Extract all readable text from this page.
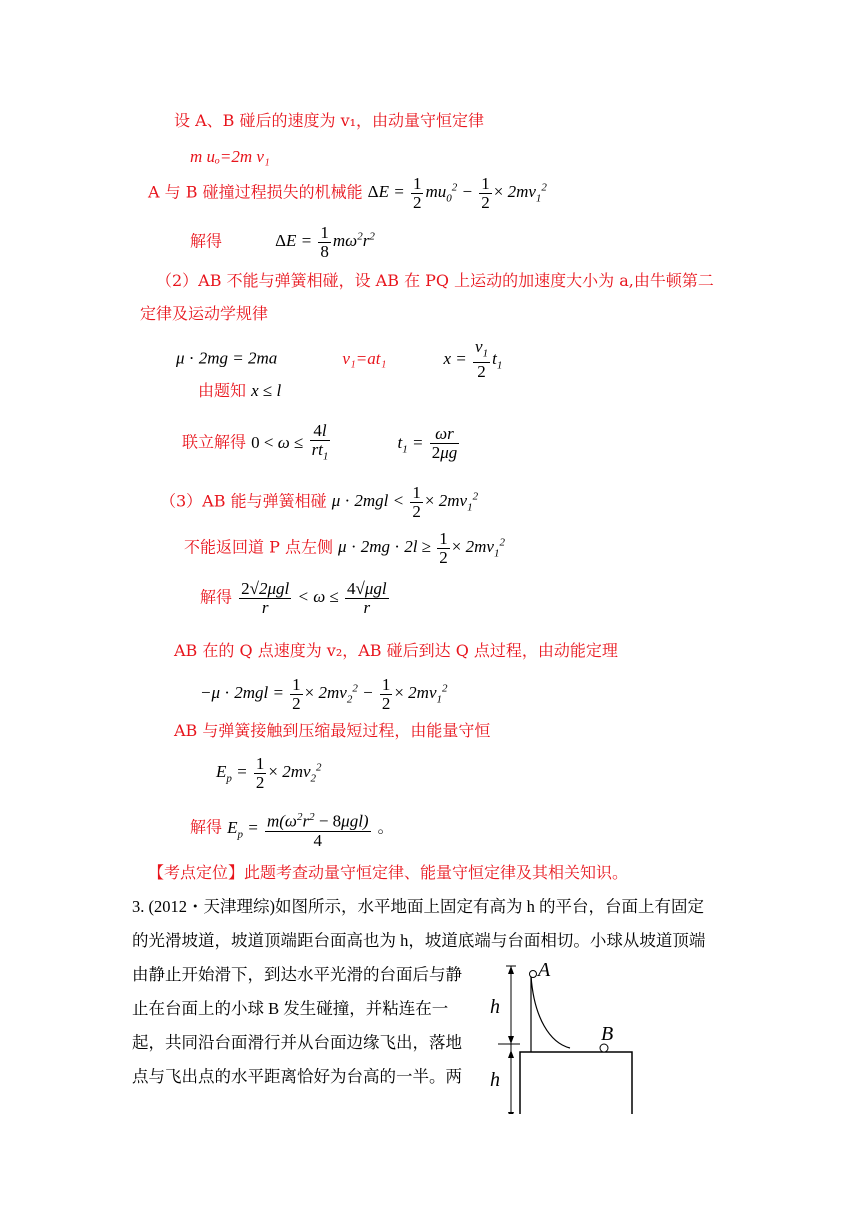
设 A、B 碰后的速度为 v₁，由动量守恒定律
m uₒ=2m v₁
A 与 B 碰撞过程损失的机械能 $\Delta E = \frac{1}{2} mu_0^2 - \frac{1}{2} \times 2mv_1^2$
解得	$\Delta E = \frac{1}{8} m\omega^2r^2$
（2）AB 不能与弹簧相碰，设 AB 在 PQ 上运动的加速度大小为 a,由牛顿第二
定律及运动学规律
μ · 2mg = 2ma	v₁=at₁	$x = \frac{v_1}{2} t_1$
由题知 x ≤ l
联立解得 $0 < \omega \le \frac{4l}{rt_1}$	$t_1 = \frac{\omega r}{2\mu g}$
（3）AB 能与弹簧相碰 $\mu \cdot 2mgl < \frac{1}{2} \times 2mv_1^2$
不能返回道 P 点左侧 $\mu \cdot 2mg \cdot 2l \ge \frac{1}{2} \times 2mv_1^2$
解得 $\frac{\text{2√2μgl}}{r} < \omega \le \frac{\text{4√μgl}}{r}$
AB 在的 Q 点速度为 v₂，AB 碰后到达 Q 点过程，由动能定理
$-\mu \cdot 2mgl = \frac{1}{2} \times 2mv_2^2 - \frac{1}{2} \times 2mv_1^2$
AB 与弹簧接触到压缩最短过程，由能量守恒
$E_p = \frac{1}{2} \times 2mv_2^2$
解得 $E_p = \frac{m(\omega^2r^2 - 8\mu gl)}{4}$ 。
【考点定位】此题考查动量守恒定律、能量守恒定律及其相关知识。
3. (2012・天津理综)如图所示，水平地面上固定有高为 h 的平台，台面上有固定
的光滑坡道，坡道顶端距台面高也为 h，坡道底端与台面相切。小球从坡道顶端
由静止开始滑下，到达水平光滑的台面后与静
止在台面上的小球 B 发生碰撞，并粘连在一
起，共同沿台面滑行并从台面边缘飞出，落地
点与飞出点的水平距离恰好为台高的一半。两
h
h
A
B
